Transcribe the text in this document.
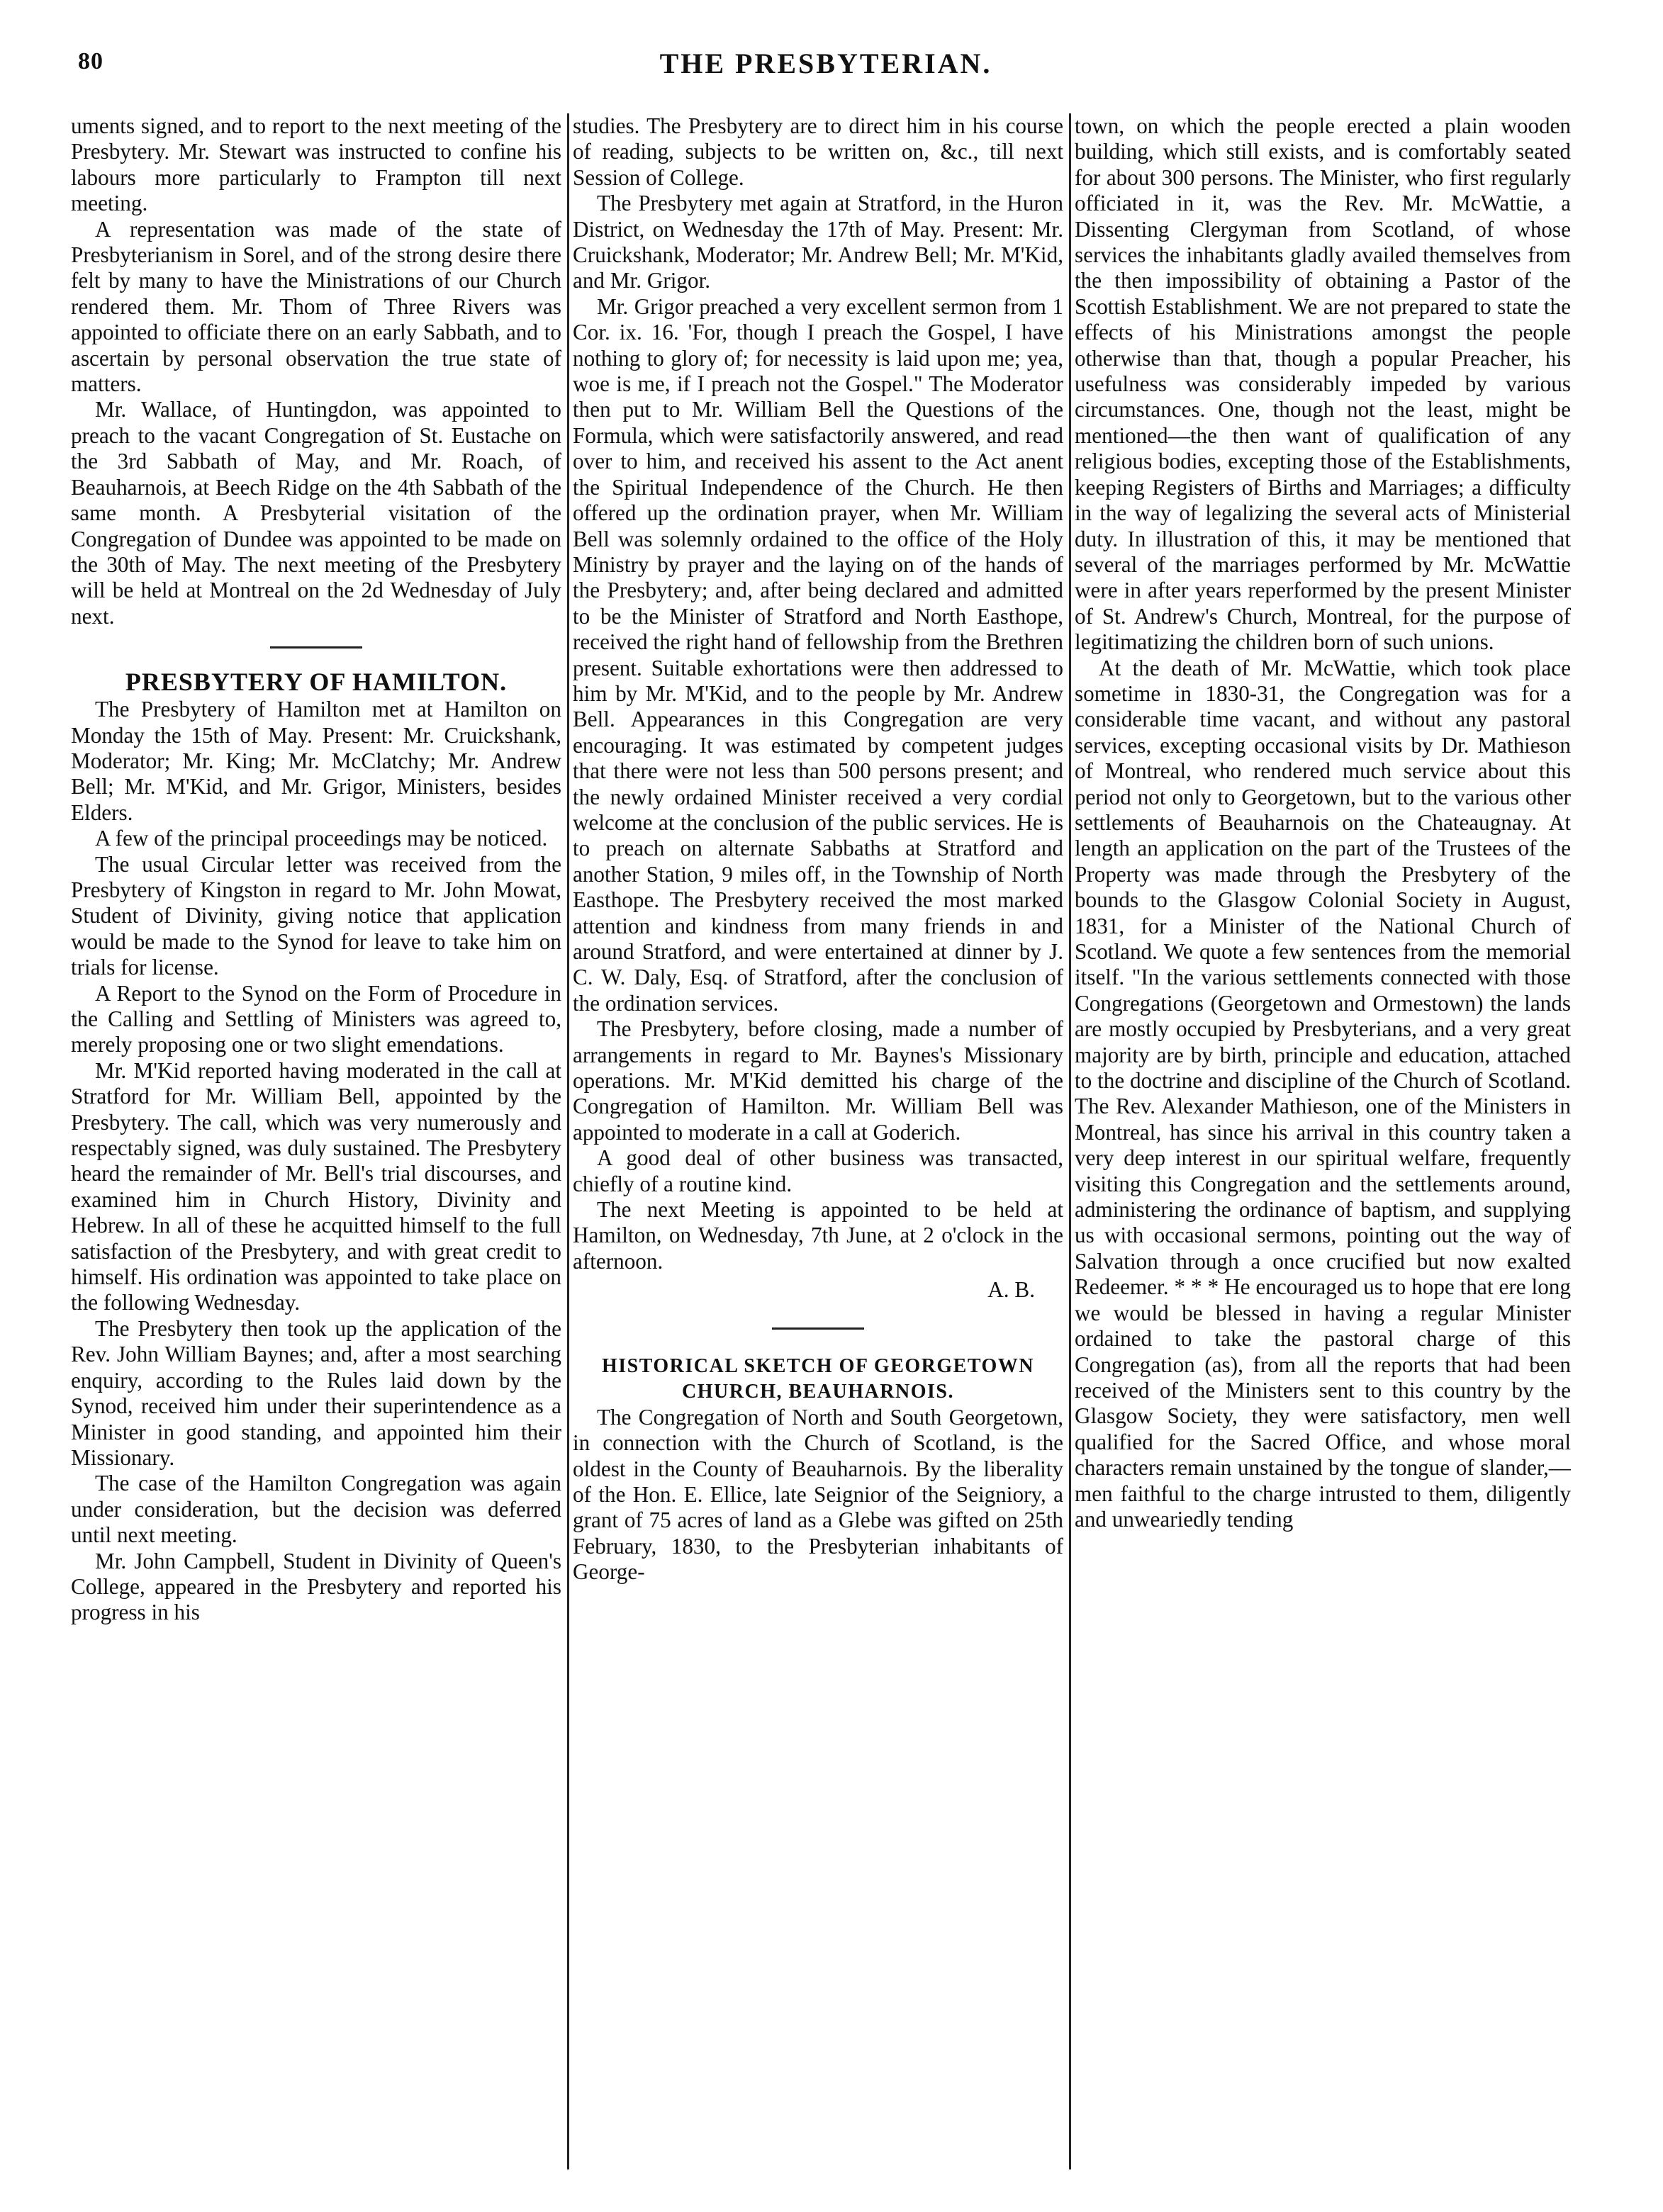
80	THE PRESBYTERIAN.

uments signed, and to report to the next meeting of the Presbytery. Mr. Stewart was instructed to confine his labours more particularly to Frampton till next meeting.

A representation was made of the state of Presbyterianism in Sorel, and of the strong desire there felt by many to have the Ministrations of our Church rendered them. Mr. Thom of Three Rivers was appointed to officiate there on an early Sabbath, and to ascertain by personal observation the true state of matters.

Mr. Wallace, of Huntingdon, was appointed to preach to the vacant Congregation of St. Eustache on the 3rd Sabbath of May, and Mr. Roach, of Beauharnois, at Beech Ridge on the 4th Sabbath of the same month. A Presbyterial visitation of the Congregation of Dundee was appointed to be made on the 30th of May. The next meeting of the Presbytery will be held at Montreal on the 2d Wednesday of July next.

PRESBYTERY OF HAMILTON.

The Presbytery of Hamilton met at Hamilton on Monday the 15th of May. Present: Mr. Cruickshank, Moderator; Mr. King; Mr. McClatchy; Mr. Andrew Bell; Mr. M'Kid, and Mr. Grigor, Ministers, besides Elders.

A few of the principal proceedings may be noticed.

The usual Circular letter was received from the Presbytery of Kingston in regard to Mr. John Mowat, Student of Divinity, giving notice that application would be made to the Synod for leave to take him on trials for license.

A Report to the Synod on the Form of Procedure in the Calling and Settling of Ministers was agreed to, merely proposing one or two slight emendations.

Mr. M'Kid reported having moderated in the call at Stratford for Mr. William Bell, appointed by the Presbytery. The call, which was very numerously and respectably signed, was duly sustained. The Presbytery heard the remainder of Mr. Bell's trial discourses, and examined him in Church History, Divinity and Hebrew. In all of these he acquitted himself to the full satisfaction of the Presbytery, and with great credit to himself. His ordination was appointed to take place on the following Wednesday.

The Presbytery then took up the application of the Rev. John William Baynes; and, after a most searching enquiry, according to the Rules laid down by the Synod, received him under their superintendence as a Minister in good standing, and appointed him their Missionary.

The case of the Hamilton Congregation was again under consideration, but the decision was deferred until next meeting.

Mr. John Campbell, Student in Divinity of Queen's College, appeared in the Presbytery and reported his progress in his

studies. The Presbytery are to direct him in his course of reading, subjects to be written on, &c., till next Session of College.

The Presbytery met again at Stratford, in the Huron District, on Wednesday the 17th of May. Present: Mr. Cruickshank, Moderator; Mr. Andrew Bell; Mr. M'Kid, and Mr. Grigor.

Mr. Grigor preached a very excellent sermon from 1 Cor. ix. 16. 'For, though I preach the Gospel, I have nothing to glory of; for necessity is laid upon me; yea, woe is me, if I preach not the Gospel." The Moderator then put to Mr. William Bell the Questions of the Formula, which were satisfactorily answered, and read over to him, and received his assent to the Act anent the Spiritual Independence of the Church. He then offered up the ordination prayer, when Mr. William Bell was solemnly ordained to the office of the Holy Ministry by prayer and the laying on of the hands of the Presbytery; and, after being declared and admitted to be the Minister of Stratford and North Easthope, received the right hand of fellowship from the Brethren present. Suitable exhortations were then addressed to him by Mr. M'Kid, and to the people by Mr. Andrew Bell. Appearances in this Congregation are very encouraging. It was estimated by competent judges that there were not less than 500 persons present; and the newly ordained Minister received a very cordial welcome at the conclusion of the public services. He is to preach on alternate Sabbaths at Stratford and another Station, 9 miles off, in the Township of North Easthope. The Presbytery received the most marked attention and kindness from many friends in and around Stratford, and were entertained at dinner by J. C. W. Daly, Esq. of Stratford, after the conclusion of the ordination services.

The Presbytery, before closing, made a number of arrangements in regard to Mr. Baynes's Missionary operations. Mr. M'Kid demitted his charge of the Congregation of Hamilton. Mr. William Bell was appointed to moderate in a call at Goderich.

A good deal of other business was transacted, chiefly of a routine kind.

The next Meeting is appointed to be held at Hamilton, on Wednesday, 7th June, at 2 o'clock in the afternoon.

A. B.

HISTORICAL SKETCH OF GEORGETOWN CHURCH, BEAUHARNOIS.

The Congregation of North and South Georgetown, in connection with the Church of Scotland, is the oldest in the County of Beauharnois. By the liberality of the Hon. E. Ellice, late Seignior of the Seigniory, a grant of 75 acres of land as a Glebe was gifted on 25th February, 1830, to the Presbyterian inhabitants of George-

town, on which the people erected a plain wooden building, which still exists, and is comfortably seated for about 300 persons. The Minister, who first regularly officiated in it, was the Rev. Mr. McWattie, a Dissenting Clergyman from Scotland, of whose services the inhabitants gladly availed themselves from the then impossibility of obtaining a Pastor of the Scottish Establishment. We are not prepared to state the effects of his Ministrations amongst the people otherwise than that, though a popular Preacher, his usefulness was considerably impeded by various circumstances. One, though not the least, might be mentioned—the then want of qualification of any religious bodies, excepting those of the Establishments, keeping Registers of Births and Marriages; a difficulty in the way of legalizing the several acts of Ministerial duty. In illustration of this, it may be mentioned that several of the marriages performed by Mr. McWattie were in after years reperformed by the present Minister of St. Andrew's Church, Montreal, for the purpose of legitimatizing the children born of such unions.

At the death of Mr. McWattie, which took place sometime in 1830-31, the Congregation was for a considerable time vacant, and without any pastoral services, excepting occasional visits by Dr. Mathieson of Montreal, who rendered much service about this period not only to Georgetown, but to the various other settlements of Beauharnois on the Chateaugnay. At length an application on the part of the Trustees of the Property was made through the Presbytery of the bounds to the Glasgow Colonial Society in August, 1831, for a Minister of the National Church of Scotland. We quote a few sentences from the memorial itself. "In the various settlements connected with those Congregations (Georgetown and Ormestown) the lands are mostly occupied by Presbyterians, and a very great majority are by birth, principle and education, attached to the doctrine and discipline of the Church of Scotland. The Rev. Alexander Mathieson, one of the Ministers in Montreal, has since his arrival in this country taken a very deep interest in our spiritual welfare, frequently visiting this Congregation and the settlements around, administering the ordinance of baptism, and supplying us with occasional sermons, pointing out the way of Salvation through a once crucified but now exalted Redeemer. * * * He encouraged us to hope that ere long we would be blessed in having a regular Minister ordained to take the pastoral charge of this Congregation (as), from all the reports that had been received of the Ministers sent to this country by the Glasgow Society, they were satisfactory, men well qualified for the Sacred Office, and whose moral characters remain unstained by the tongue of slander,—men faithful to the charge intrusted to them, diligently and unweariedly tending
